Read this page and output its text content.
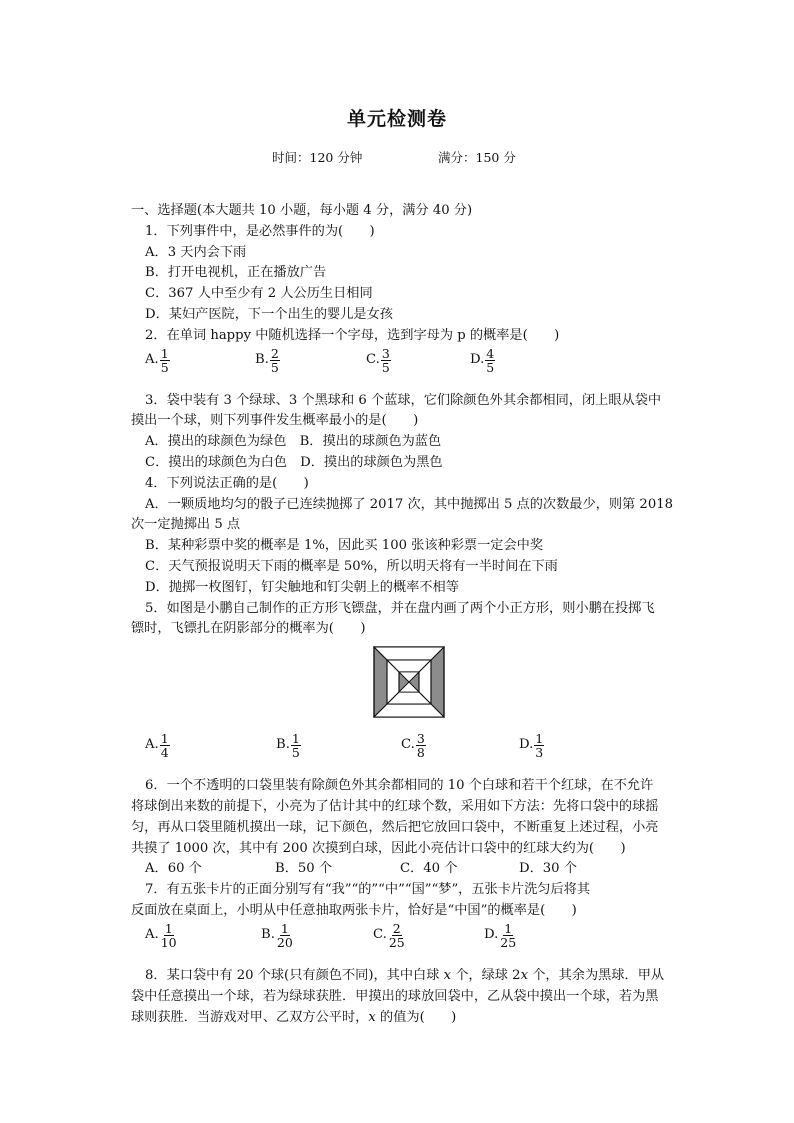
单元检测卷
时间：120 分钟	满分：150 分
一、选择题(本大题共 10 小题，每小题 4 分，满分 40 分)
1．下列事件中，是必然事件的为(　　)
A．3 天内会下雨
B．打开电视机，正在播放广告
C．367 人中至少有 2 人公历生日相同
D．某妇产医院，下一个出生的婴儿是女孩
2．在单词 happy 中随机选择一个字母，选到字母为 p 的概率是(　　)
A. $\frac{1}{5}$	B. $\frac{2}{5}$	C. $\frac{3}{5}$	D. $\frac{4}{5}$
3．袋中装有 3 个绿球、3 个黑球和 6 个蓝球，它们除颜色外其余都相同，闭上眼从袋中
摸出一个球，则下列事件发生概率最小的是(　　)
A．摸出的球颜色为绿色　B．摸出的球颜色为蓝色
C．摸出的球颜色为白色　D．摸出的球颜色为黑色
4．下列说法正确的是(　　)
A．一颗质地均匀的骰子已连续抛掷了 2017 次，其中抛掷出 5 点的次数最少，则第 2018
次一定抛掷出 5 点
B．某种彩票中奖的概率是 1%，因此买 100 张该种彩票一定会中奖
C．天气预报说明天下雨的概率是 50%，所以明天将有一半时间在下雨
D．抛掷一枚图钉，钉尖触地和钉尖朝上的概率不相等
5．如图是小鹏自己制作的正方形飞镖盘，并在盘内画了两个小正方形，则小鹏在投掷飞
镖时，飞镖扎在阴影部分的概率为(　　)
A. $\frac{1}{4}$	B. $\frac{1}{5}$	C. $\frac{3}{8}$	D. $\frac{1}{3}$
6．一个不透明的口袋里装有除颜色外其余都相同的 10 个白球和若干个红球，在不允许
将球倒出来数的前提下，小亮为了估计其中的红球个数，采用如下方法：先将口袋中的球摇
匀，再从口袋里随机摸出一球，记下颜色，然后把它放回口袋中，不断重复上述过程，小亮
共摸了 1000 次，其中有 200 次摸到白球，因此小亮估计口袋中的红球大约为(　　)
A．60 个	B．50 个	C．40 个	D．30 个
7．有五张卡片的正面分别写有“我”“的”“中”“国”“梦”，五张卡片洗匀后将其
反面放在桌面上，小明从中任意抽取两张卡片，恰好是“中国”的概率是(　　)
A. $\frac{1}{10}$	B. $\frac{1}{20}$	C. $\frac{2}{25}$	D. $\frac{1}{25}$
8．某口袋中有 20 个球(只有颜色不同)，其中白球 x 个，绿球 2x 个，其余为黑球．甲从
袋中任意摸出一个球，若为绿球获胜．甲摸出的球放回袋中，乙从袋中摸出一个球，若为黑
球则获胜．当游戏对甲、乙双方公平时，x 的值为(　　)
